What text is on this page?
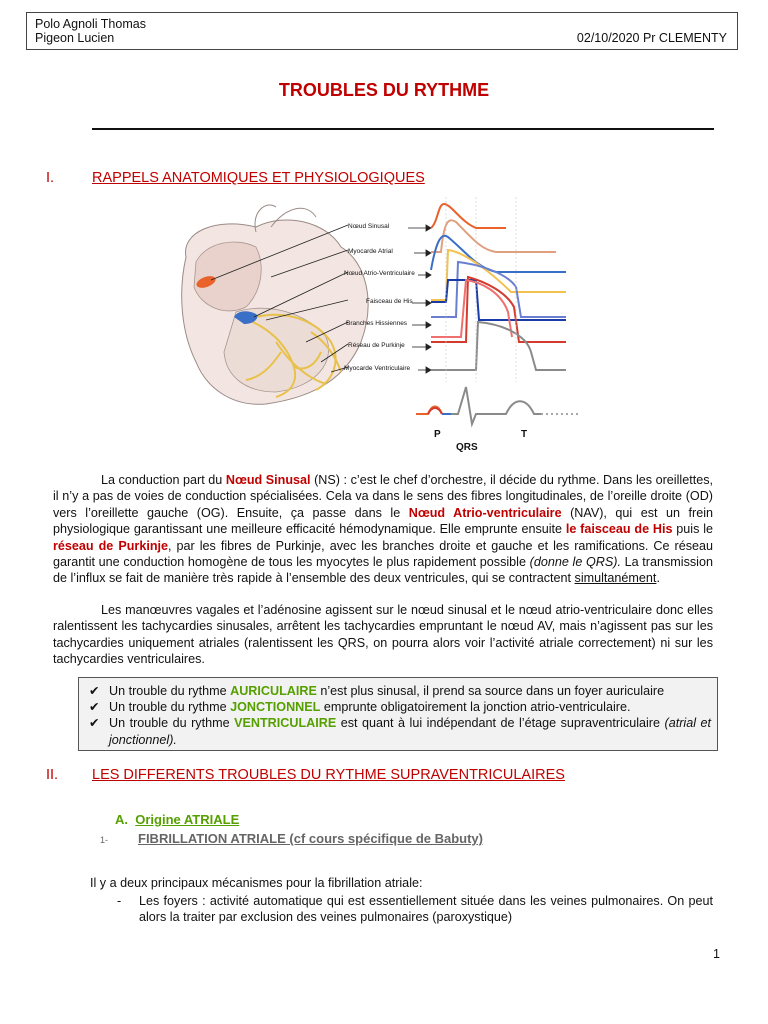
Polo Agnoli Thomas
Pigeon Lucien	02/10/2020 Pr CLEMENTY
TROUBLES DU RYTHME
I.	RAPPELS ANATOMIQUES ET PHYSIOLOGIQUES
Nœud Sinusal
Myocarde Atrial
Nœud Atrio-Ventriculaire
Faisceau de His
Branches Hissiennes
Réseau de Purkinje
Myocarde Ventriculaire
P
QRS
T
La conduction part du Nœud Sinusal (NS) : c’est le chef d’orchestre, il décide du rythme. Dans les oreillettes, il n’y a pas de voies de conduction spécialisées. Cela va dans le sens des fibres longitudinales, de l’oreille droite (OD) vers l’oreillette gauche (OG). Ensuite, ça passe dans le Nœud Atrio-ventriculaire (NAV), qui est un frein physiologique garantissant une meilleure efficacité hémodynamique. Elle emprunte ensuite le faisceau de His puis le réseau de Purkinje, par les fibres de Purkinje, avec les branches droite et gauche et les ramifications. Ce réseau garantit une conduction homogène de tous les myocytes le plus rapidement possible (donne le QRS). La transmission de l’influx se fait de manière très rapide à l’ensemble des deux ventricules, qui se contractent simultanément.
Les manœuvres vagales et l’adénosine agissent sur le nœud sinusal et le nœud atrio-ventriculaire donc elles ralentissent les tachycardies sinusales, arrêtent les tachycardies empruntant le nœud AV, mais n’agissent pas sur les tachycardies uniquement atriales (ralentissent les QRS, on pourra alors voir l’activité atriale correctement) ni sur les tachycardies ventriculaires.
✔ Un trouble du rythme AURICULAIRE n’est plus sinusal, il prend sa source dans un foyer auriculaire
✔ Un trouble du rythme JONCTIONNEL emprunte obligatoirement la jonction atrio-ventriculaire.
✔ Un trouble du rythme VENTRICULAIRE est quant à lui indépendant de l’étage supraventriculaire (atrial et jonctionnel).
II. LES DIFFERENTS TROUBLES DU RYTHME SUPRAVENTRICULAIRES
A. Origine ATRIALE
1- FIBRILLATION ATRIALE (cf cours spécifique de Babuty)
Il y a deux principaux mécanismes pour la fibrillation atriale:
-	Les foyers : activité automatique qui est essentiellement située dans les veines pulmonaires. On peut alors la traiter par exclusion des veines pulmonaires (paroxystique)
1
